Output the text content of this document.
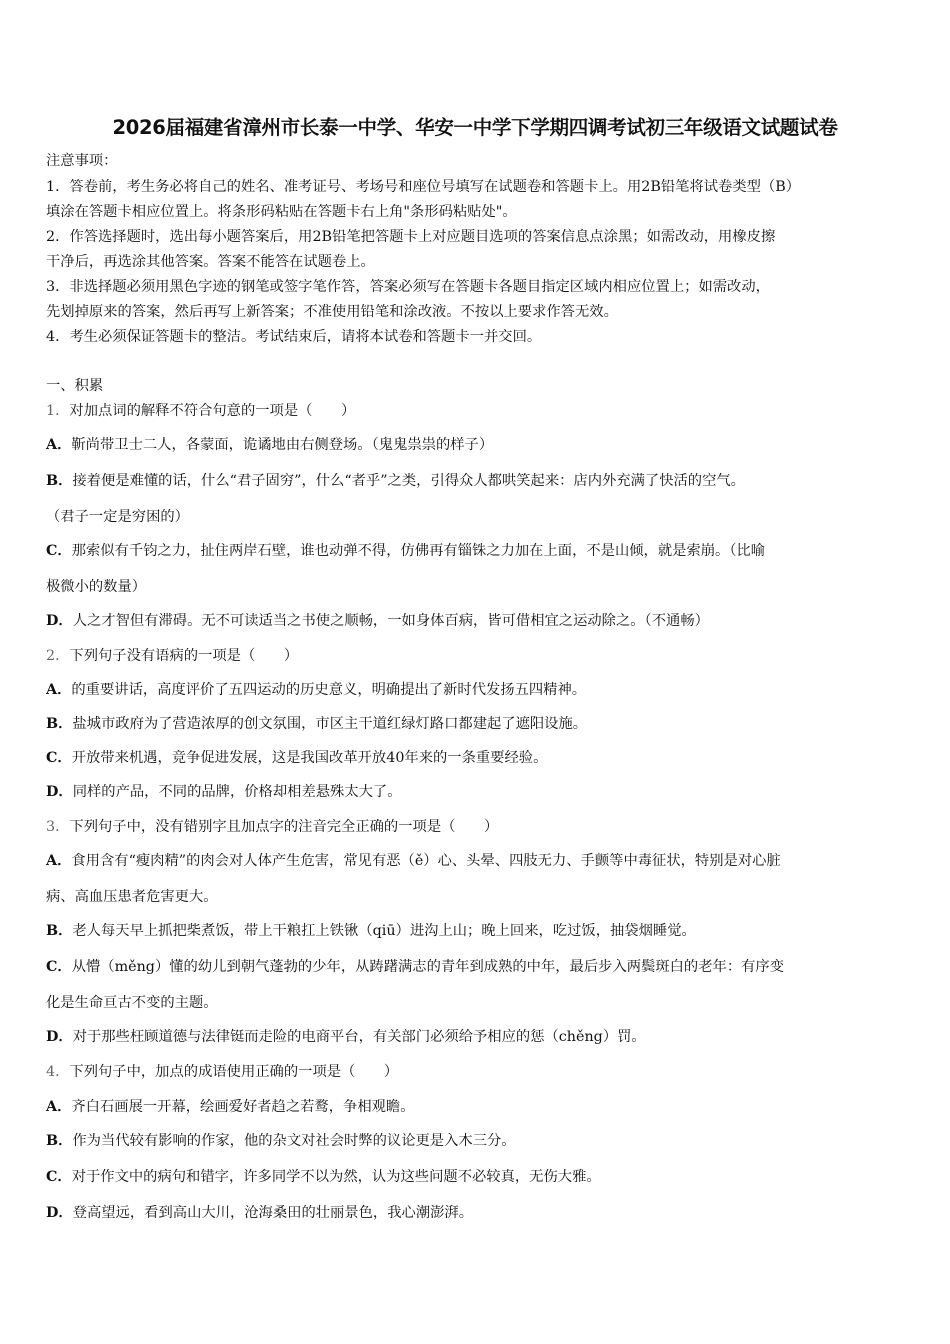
2026届福建省漳州市长泰一中学、华安一中学下学期四调考试初三年级语文试题试卷
注意事项：
1．答卷前，考生务必将自己的姓名、准考证号、考场号和座位号填写在试题卷和答题卡上。用2B铅笔将试卷类型（B）
填涂在答题卡相应位置上。将条形码粘贴在答题卡右上角"条形码粘贴处"。
2．作答选择题时，选出每小题答案后，用2B铅笔把答题卡上对应题目选项的答案信息点涂黑；如需改动，用橡皮擦
干净后，再选涂其他答案。答案不能答在试题卷上。
3．非选择题必须用黑色字迹的钢笔或签字笔作答，答案必须写在答题卡各题目指定区域内相应位置上；如需改动，
先划掉原来的答案，然后再写上新答案；不准使用铅笔和涂改液。不按以上要求作答无效。
4．考生必须保证答题卡的整洁。考试结束后，请将本试卷和答题卡一并交回。
一、积累
1．对加点词的解释不符合句意的一项是（　　）
A．靳尚带卫士二人，各蒙面，诡谲地由右侧登场。（鬼鬼祟祟的样子）
B．接着便是难懂的话，什么“君子固穷”，什么“者乎”之类，引得众人都哄笑起来：店内外充满了快活的空气。
（君子一定是穷困的）
C．那索似有千钧之力，扯住两岸石壁，谁也动弹不得，仿佛再有锱铢之力加在上面，不是山倾，就是索崩。（比喻
极微小的数量）
D．人之才智但有滞碍。无不可读适当之书使之顺畅，一如身体百病，皆可借相宜之运动除之。（不通畅）
2．下列句子没有语病的一项是（　　）
A．的重要讲话，高度评价了五四运动的历史意义，明确提出了新时代发扬五四精神。
B．盐城市政府为了营造浓厚的创文氛围，市区主干道红绿灯路口都建起了遮阳设施。
C．开放带来机遇，竞争促进发展，这是我国改革开放40年来的一条重要经验。
D．同样的产品，不同的品牌，价格却相差悬殊太大了。
3．下列句子中，没有错别字且加点字的注音完全正确的一项是（　　）
A．食用含有“瘦肉精”的肉会对人体产生危害，常见有恶（ě）心、头晕、四肢无力、手颤等中毒征状，特别是对心脏
病、高血压患者危害更大。
B．老人每天早上抓把柴煮饭，带上干粮扛上铁锹（qiū）进沟上山；晚上回来，吃过饭，抽袋烟睡觉。
C．从懵（měng）懂的幼儿到朝气蓬勃的少年，从踌躇满志的青年到成熟的中年，最后步入两鬓斑白的老年：有序变
化是生命亘古不变的主题。
D．对于那些枉顾道德与法律铤而走险的电商平台，有关部门必须给予相应的惩（chěng）罚。
4．下列句子中，加点的成语使用正确的一项是（　　）
A．齐白石画展一开幕，绘画爱好者趋之若鹜，争相观瞻。
B．作为当代较有影响的作家，他的杂文对社会时弊的议论更是入木三分。
C．对于作文中的病句和错字，许多同学不以为然，认为这些问题不必较真，无伤大雅。
D．登高望远，看到高山大川，沧海桑田的壮丽景色，我心潮澎湃。
